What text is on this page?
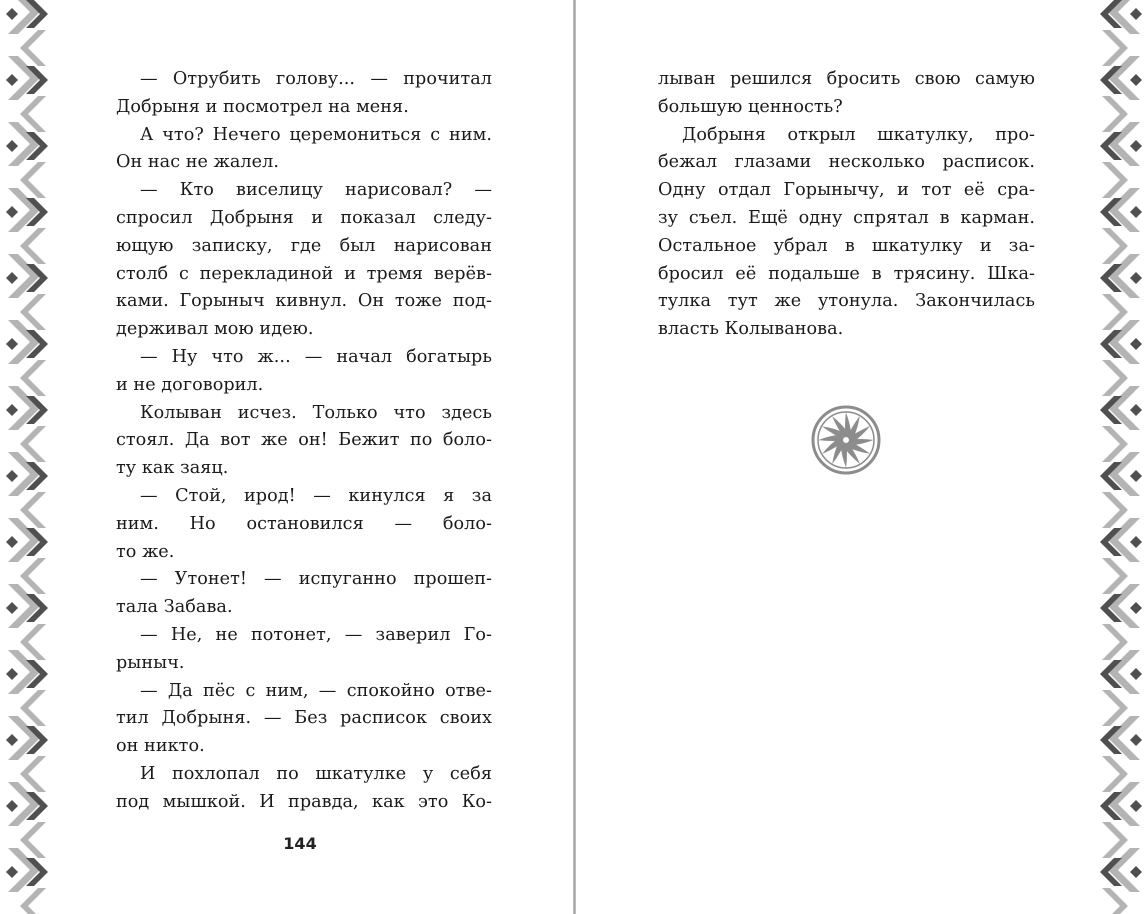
— Отрубить голову... — прочитал
Добрыня и посмотрел на меня.
А что? Нечего церемониться с ним.
Он нас не жалел.
— Кто виселицу нарисовал? —
спросил Добрыня и показал следу-
ющую записку, где был нарисован
столб с перекладиной и тремя верёв-
ками. Горыныч кивнул. Он тоже под-
держивал мою идею.
— Ну что ж... — начал богатырь
и не договорил.
Колыван исчез. Только что здесь
стоял. Да вот же он! Бежит по боло-
ту как заяц.
— Стой, ирод! — кинулся я за
ним. Но остановился — боло-
то же.
— Утонет! — испуганно прошеп-
тала Забава.
— Не, не потонет, — заверил Го-
рыныч.
— Да пёс с ним, — спокойно отве-
тил Добрыня. — Без расписок своих
он никто.
И похлопал по шкатулке у себя
под мышкой. И правда, как это Ко-
лыван решился бросить свою самую
большую ценность?
Добрыня открыл шкатулку, про-
бежал глазами несколько расписок.
Одну отдал Горынычу, и тот её сра-
зу съел. Ещё одну спрятал в карман.
Остальное убрал в шкатулку и за-
бросил её подальше в трясину. Шка-
тулка тут же утонула. Закончилась
власть Колыванова.
144
